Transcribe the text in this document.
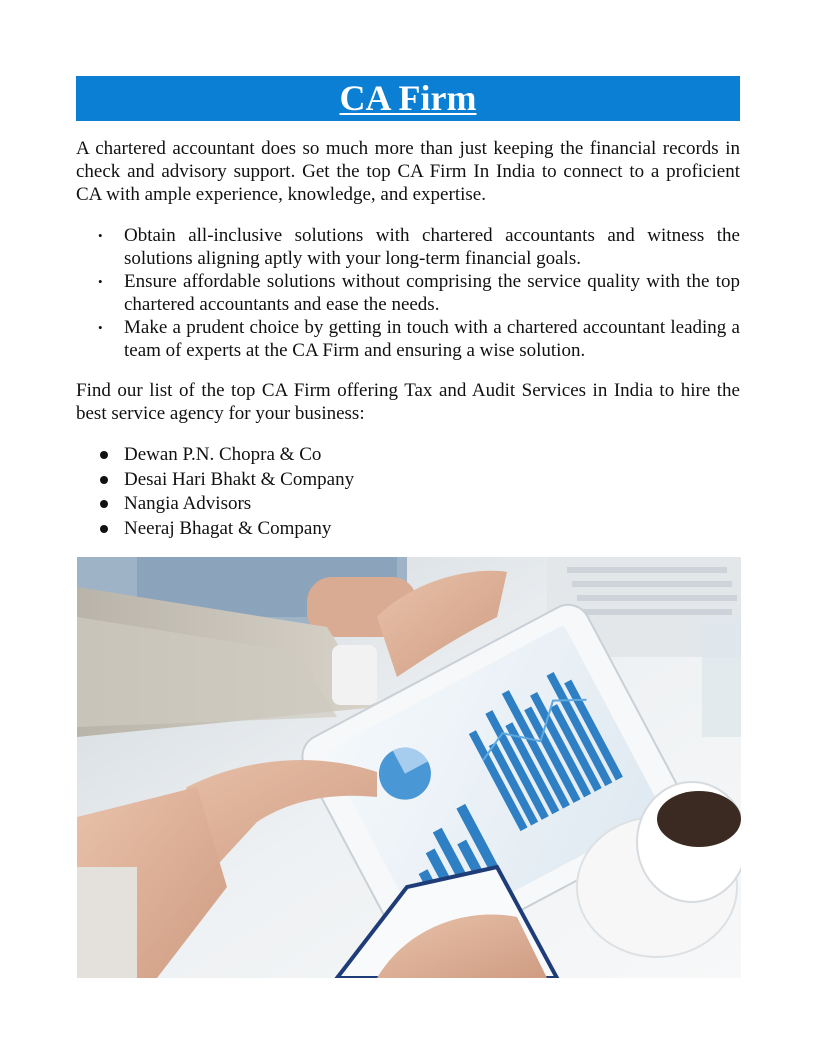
CA Firm

A chartered accountant does so much more than just keeping the financial records in check and advisory support. Get the top CA Firm In India to connect to a proficient CA with ample experience, knowledge, and expertise.

• Obtain all-inclusive solutions with chartered accountants and witness the solutions aligning aptly with your long-term financial goals.
• Ensure affordable solutions without comprising the service quality with the top chartered accountants and ease the needs.
• Make a prudent choice by getting in touch with a chartered accountant leading a team of experts at the CA Firm and ensuring a wise solution.

Find our list of the top CA Firm offering Tax and Audit Services in India to hire the best service agency for your business:

Dewan P.N. Chopra & Co
Desai Hari Bhakt & Company
Nangia Advisors
Neeraj Bhagat & Company
